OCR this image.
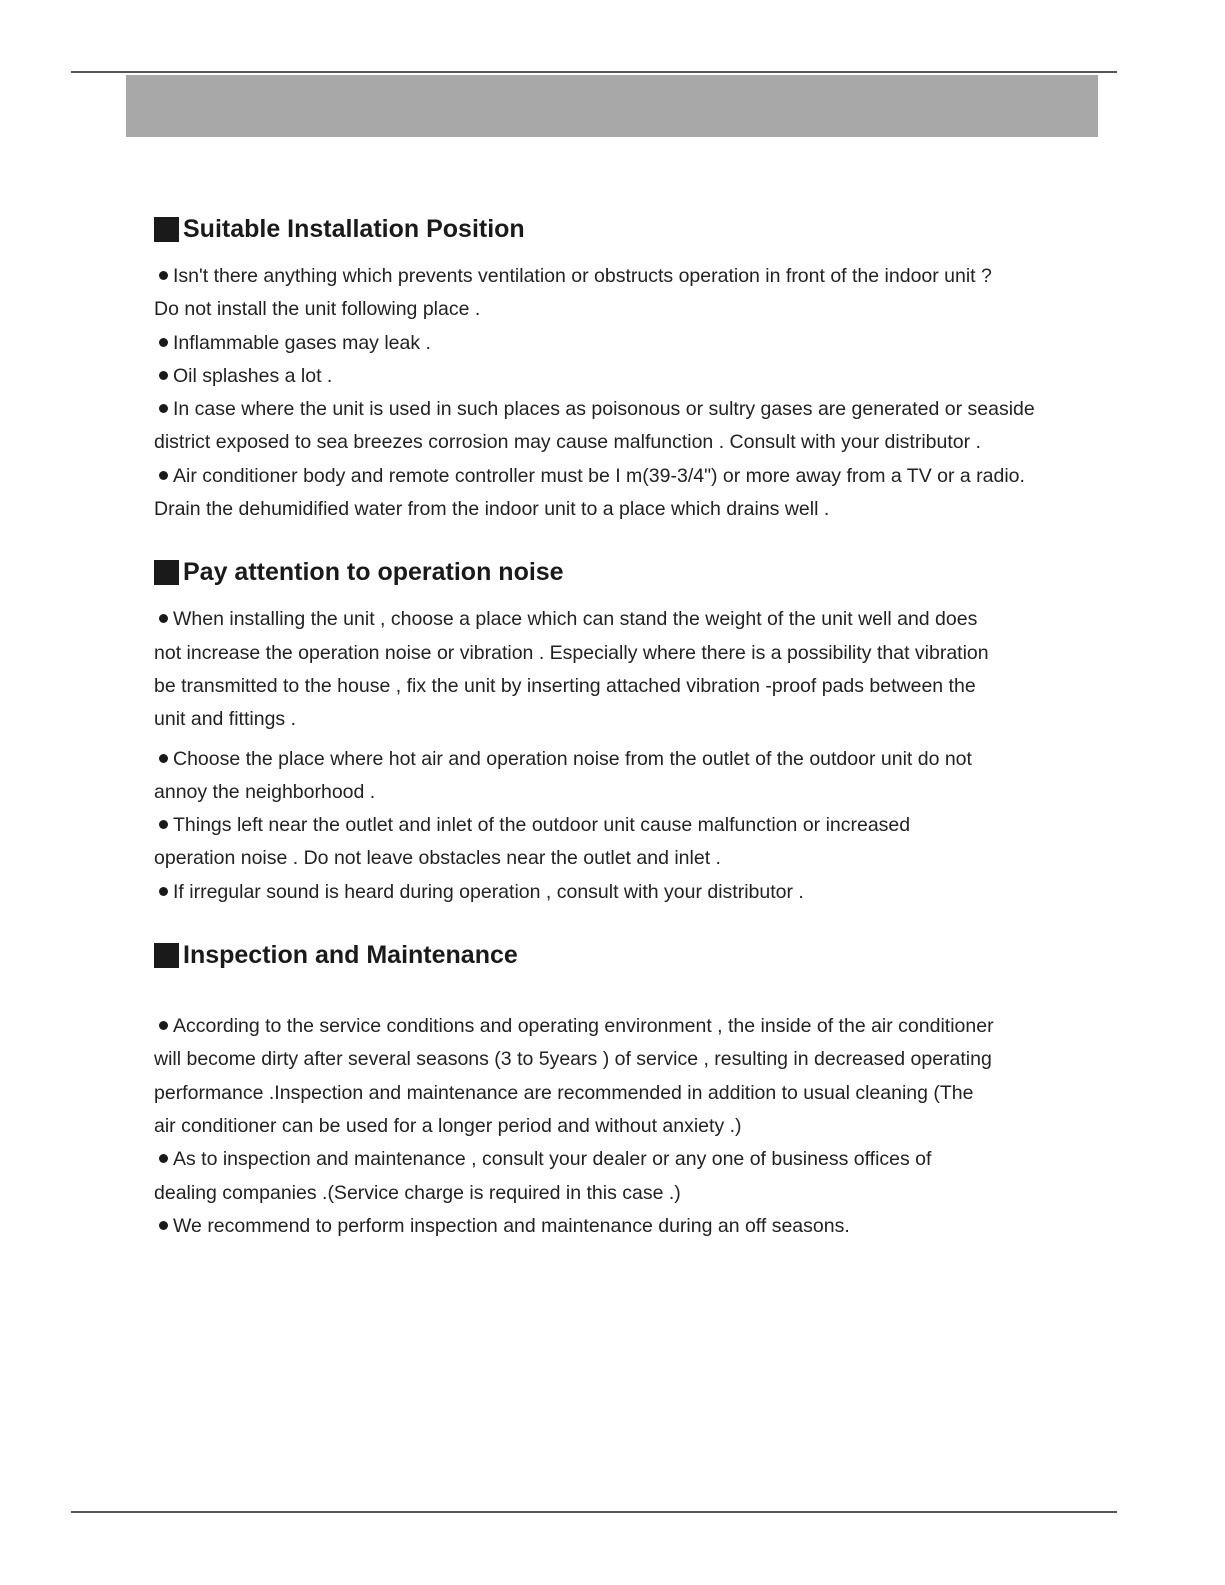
Suitable Installation Position

Isn't there anything which prevents ventilation or obstructs operation in front of the indoor unit ?

Do not install the unit following place .

Inflammable gases may leak .

Oil splashes a lot .

In case where the unit is used in such places as poisonous or sultry gases are generated or seaside

district exposed to sea breezes corrosion may cause malfunction . Consult with your distributor .

Air conditioner body and remote controller must be I m(39-3/4") or more away from a TV or a radio.

Drain the dehumidified water from the indoor unit to a place which drains well .

Pay attention to operation noise

When installing the unit , choose a place which can stand the weight of the unit well and does

not increase the operation noise or vibration . Especially where there is a possibility that vibration

be transmitted to the house , fix the unit by inserting attached vibration -proof pads between the

unit and fittings .

Choose the place where hot air and operation noise from the outlet of the outdoor unit do not

annoy the neighborhood .

Things left near the outlet and inlet of the outdoor unit cause malfunction or increased

operation noise . Do not leave obstacles near the outlet and inlet .

If irregular sound is heard during operation , consult with your distributor .

Inspection and Maintenance

According to the service conditions and operating environment , the inside of the air conditioner

will become dirty after several seasons (3 to 5years ) of service , resulting in decreased operating

performance .Inspection and maintenance are recommended in addition to usual cleaning (The

air conditioner can be used for a longer period and without anxiety .)

As to inspection and maintenance , consult your dealer or any one of business offices of

dealing companies .(Service charge is required in this case .)

We recommend to perform inspection and maintenance during an off seasons.
